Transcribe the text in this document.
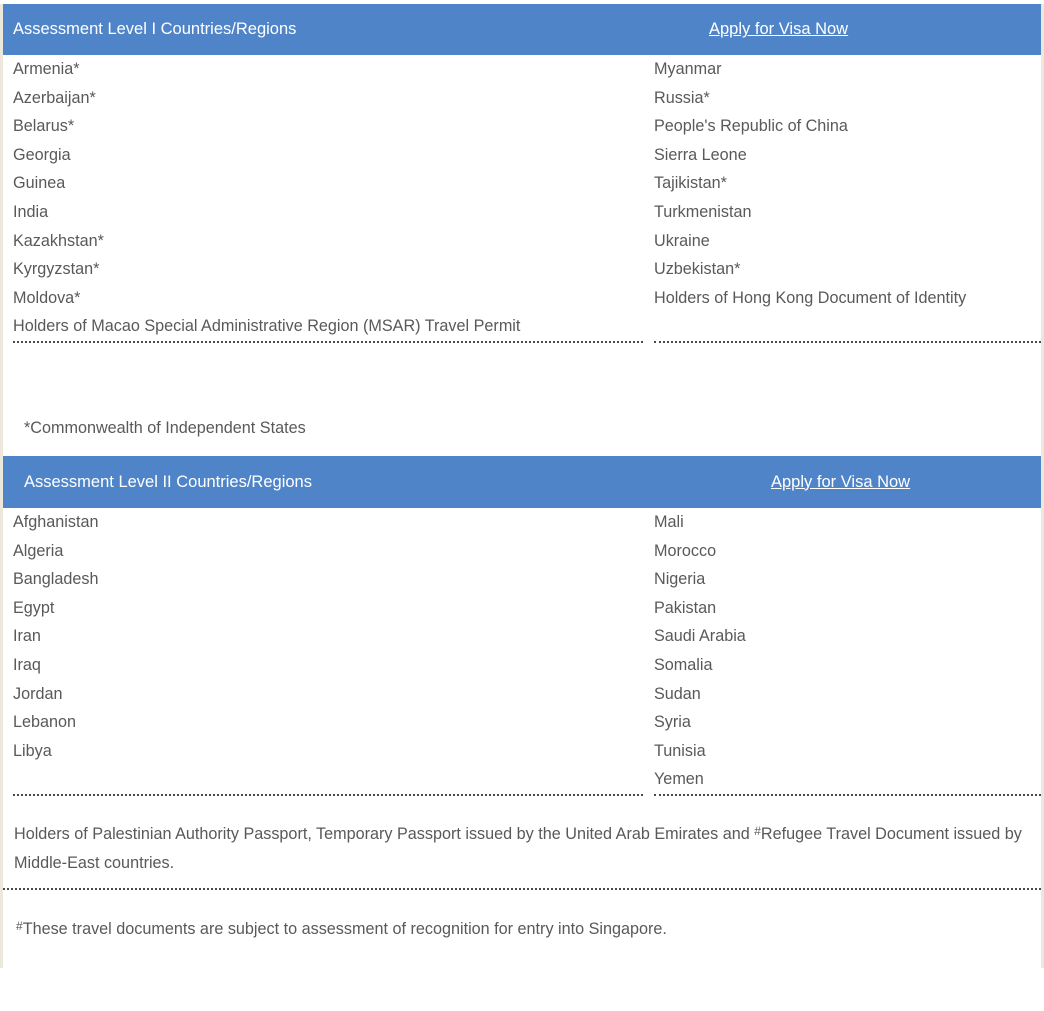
Assessment Level I Countries/Regions	Apply for Visa Now
Armenia*
Azerbaijan*
Belarus*
Georgia
Guinea
India
Kazakhstan*
Kyrgyzstan*
Moldova*
Holders of Macao Special Administrative Region (MSAR) Travel Permit
Myanmar
Russia*
People's Republic of China
Sierra Leone
Tajikistan*
Turkmenistan
Ukraine
Uzbekistan*
Holders of Hong Kong Document of Identity

*Commonwealth of Independent States
Assessment Level II Countries/Regions	Apply for Visa Now
Afghanistan
Algeria
Bangladesh
Egypt
Iran
Iraq
Jordan
Lebanon
Libya

Mali
Morocco
Nigeria
Pakistan
Saudi Arabia
Somalia
Sudan
Syria
Tunisia
Yemen
Holders of Palestinian Authority Passport, Temporary Passport issued by the United Arab Emirates and #Refugee Travel Document issued by Middle-East countries.
#These travel documents are subject to assessment of recognition for entry into Singapore.
